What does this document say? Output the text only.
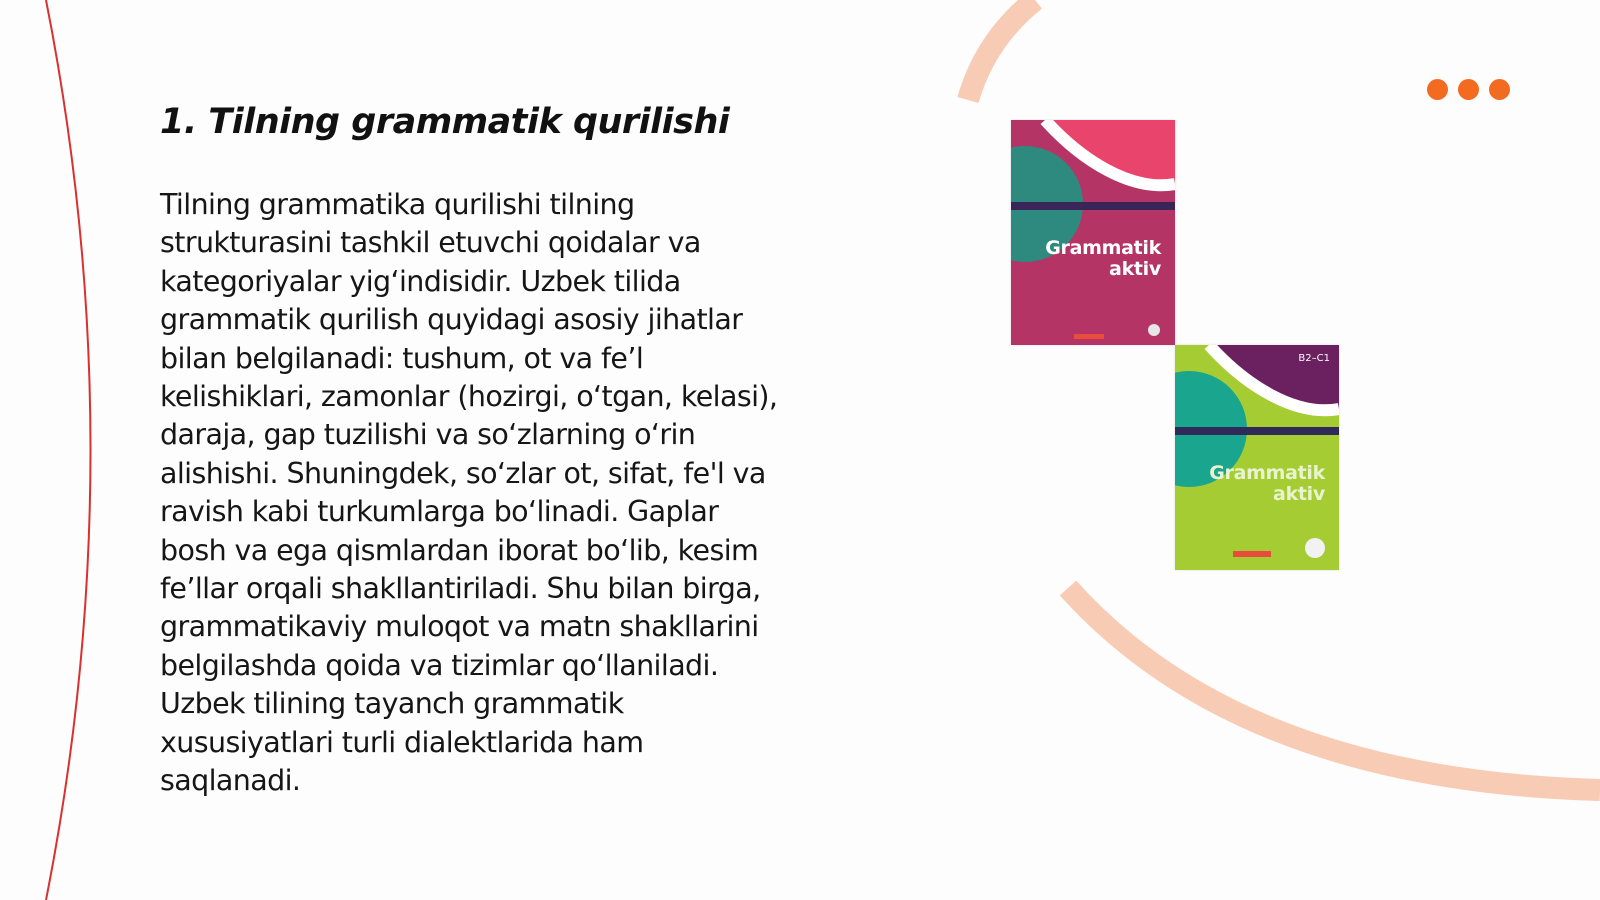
1. Tilning grammatik qurilishi

Tilning grammatika qurilishi tilning
strukturasini tashkil etuvchi qoidalar va
kategoriyalar yig‘indisidir. Uzbek tilida
grammatik qurilish quyidagi asosiy jihatlar
bilan belgilanadi: tushum, ot va fe’l
kelishiklari, zamonlar (hozirgi, o‘tgan, kelasi),
daraja, gap tuzilishi va so‘zlarning o‘rin
alishishi. Shuningdek, so‘zlar ot, sifat, fe'l va
ravish kabi turkumlarga bo‘linadi. Gaplar
bosh va ega qismlardan iborat bo‘lib, kesim
fe’llar orqali shakllantiriladi. Shu bilan birga,
grammatikaviy muloqot va matn shakllarini
belgilashda qoida va tizimlar qo‘llaniladi.
Uzbek tilining tayanch grammatik
xususiyatlari turli dialektlarida ham
saqlanadi.

Grammatik
aktiv
B2–C1
Grammatik
aktiv
